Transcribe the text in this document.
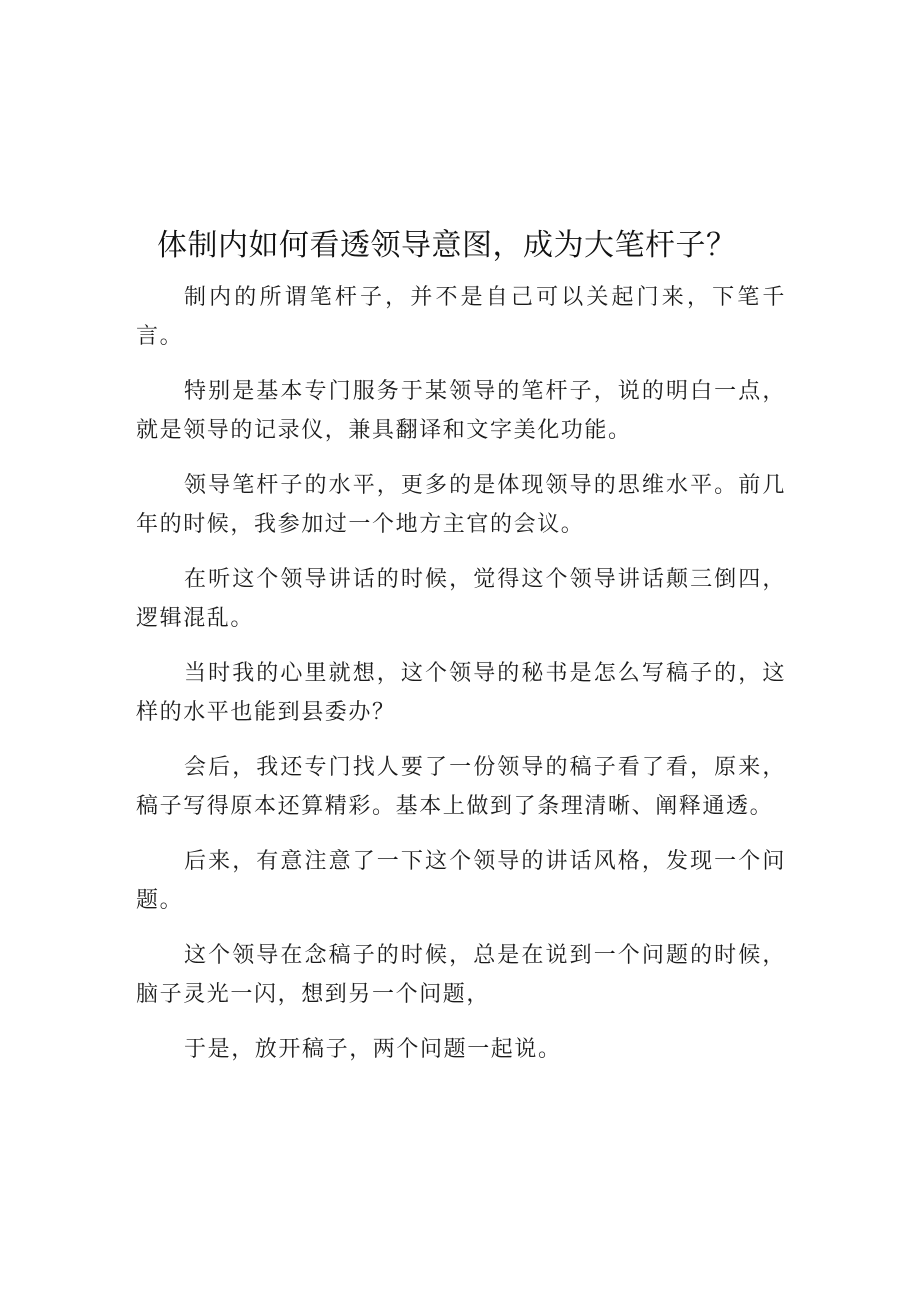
体制内如何看透领导意图，成为大笔杆子？

制内的所谓笔杆子，并不是自己可以关起门来，下笔千言。

特别是基本专门服务于某领导的笔杆子，说的明白一点，就是领导的记录仪，兼具翻译和文字美化功能。

领导笔杆子的水平，更多的是体现领导的思维水平。前几年的时候，我参加过一个地方主官的会议。

在听这个领导讲话的时候，觉得这个领导讲话颠三倒四，逻辑混乱。

当时我的心里就想，这个领导的秘书是怎么写稿子的，这样的水平也能到县委办？

会后，我还专门找人要了一份领导的稿子看了看，原来，稿子写得原本还算精彩。基本上做到了条理清晰、阐释通透。

后来，有意注意了一下这个领导的讲话风格，发现一个问题。

这个领导在念稿子的时候，总是在说到一个问题的时候，脑子灵光一闪，想到另一个问题，

于是，放开稿子，两个问题一起说。
